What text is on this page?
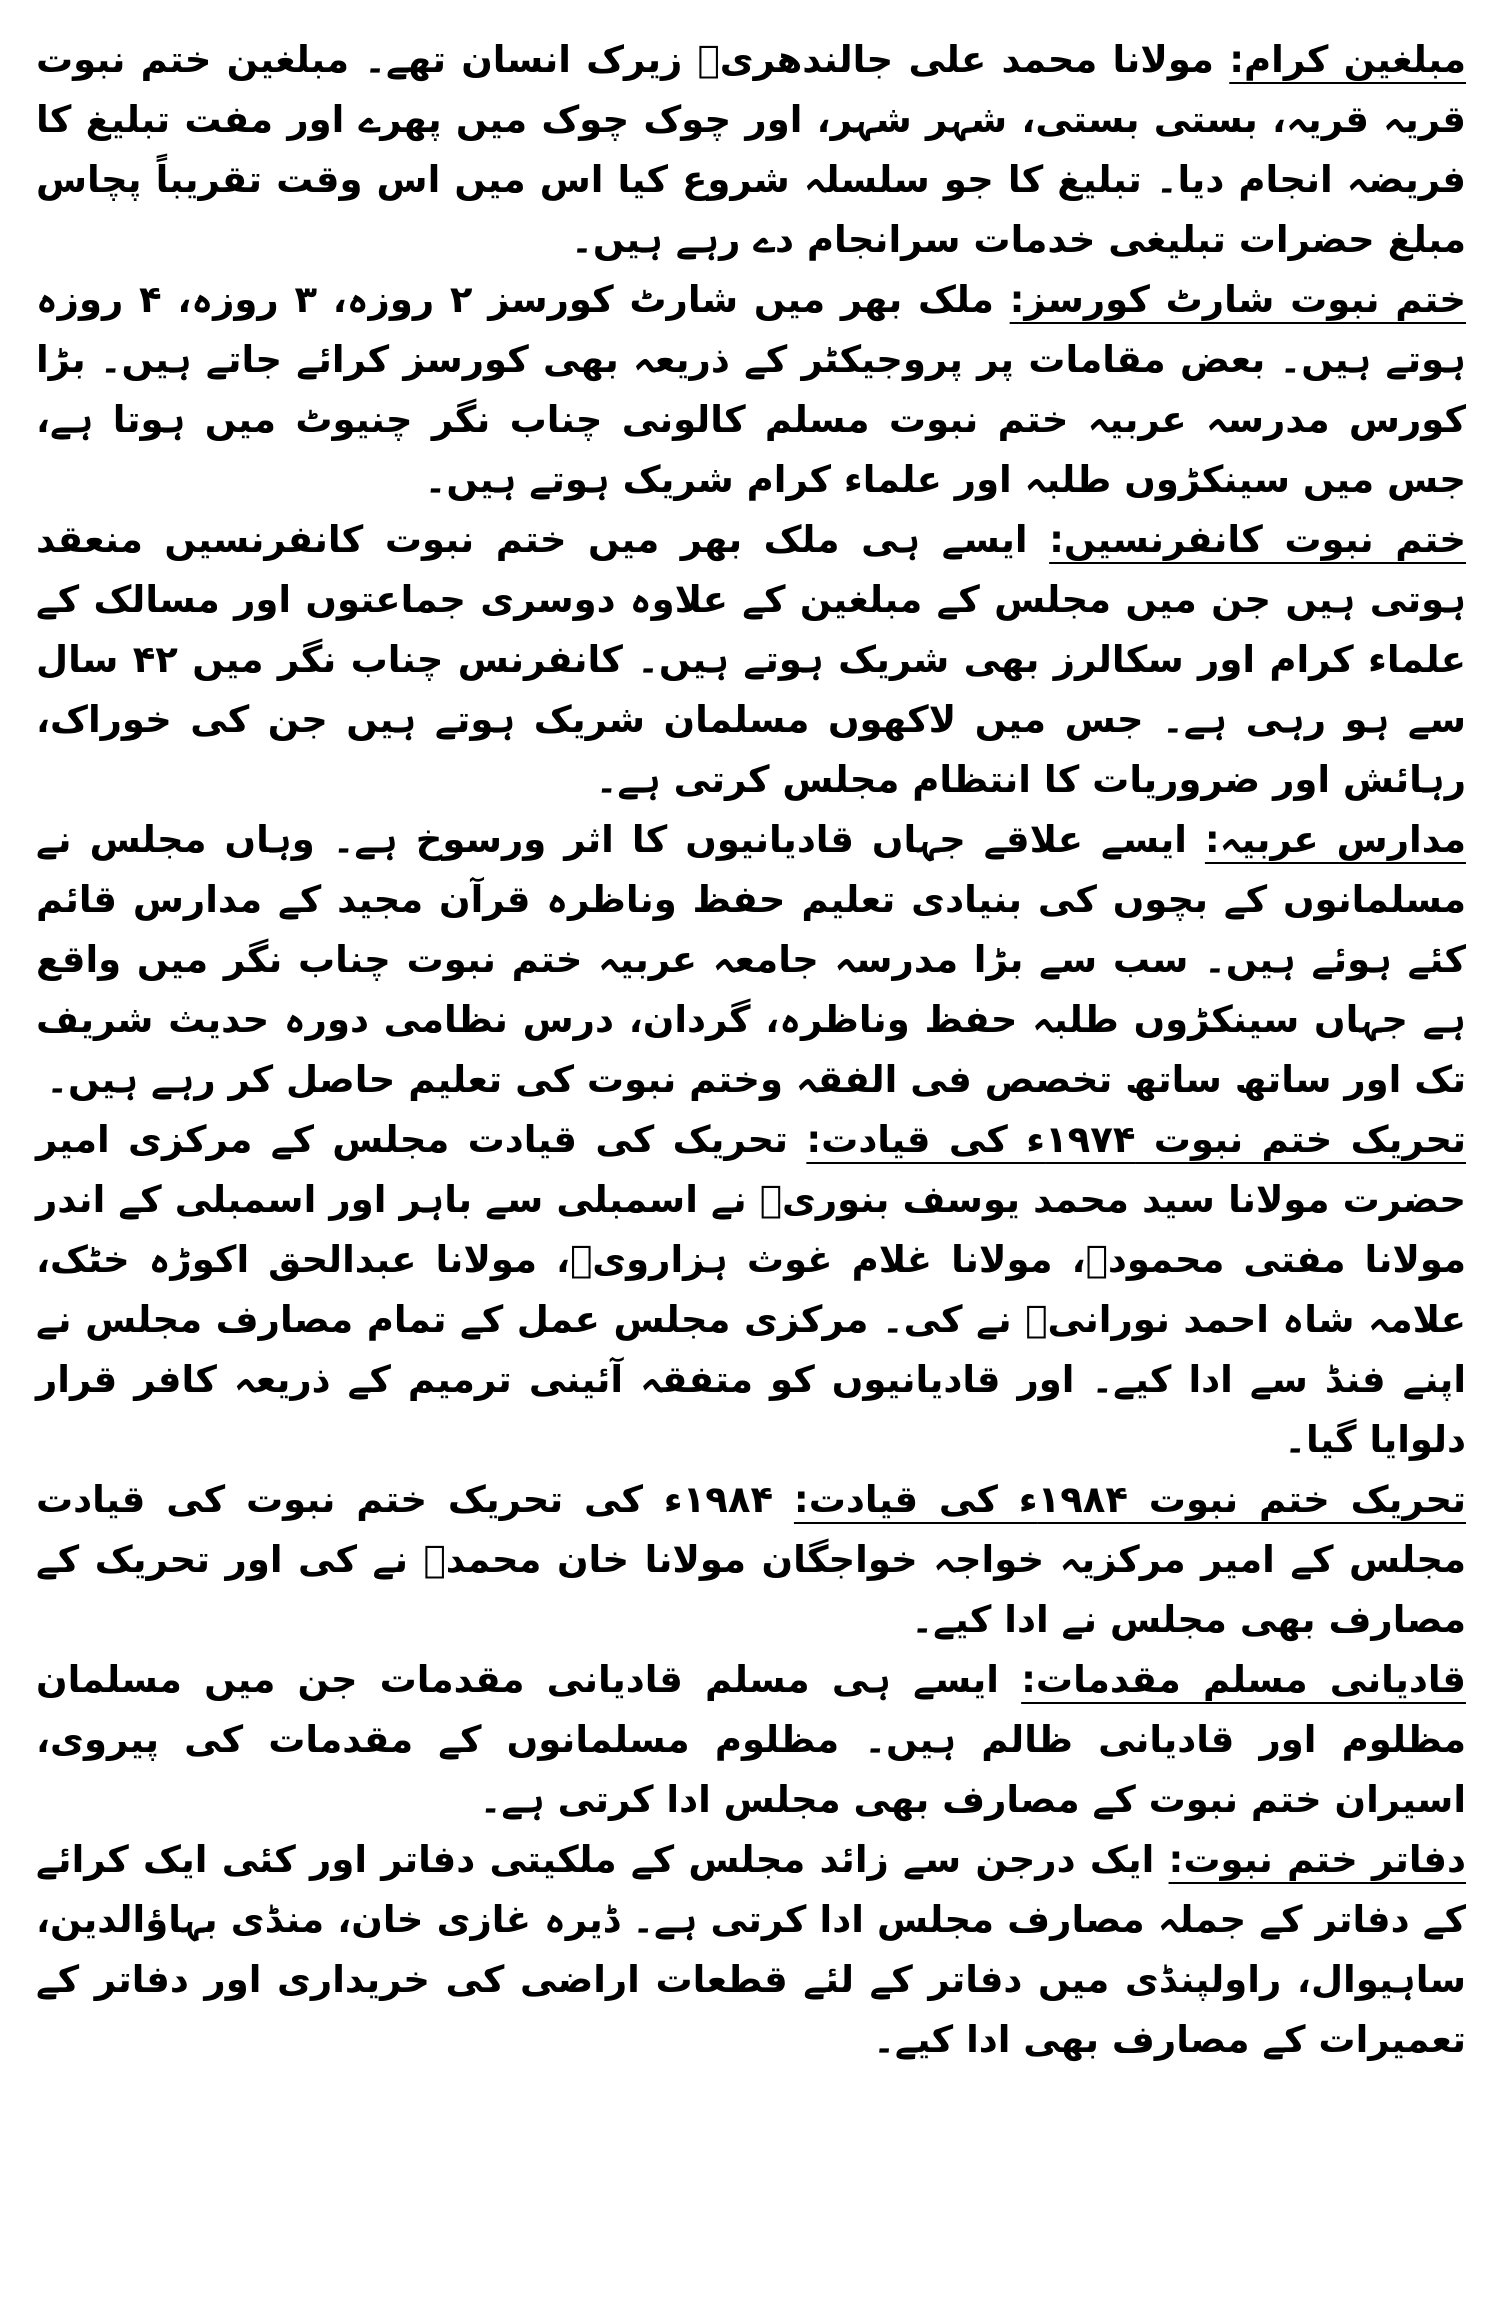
مبلغین کرام: مولانا محمد علی جالندھریؒ زیرک انسان تھے۔ مبلغین ختم نبوت قریہ قریہ، بستی بستی، شہر شہر، اور چوک چوک میں پھرے اور مفت تبلیغ کا فریضہ انجام دیا۔ تبلیغ کا جو سلسلہ شروع کیا اس میں اس وقت تقریباً پچاس مبلغ حضرات تبلیغی خدمات سرانجام دے رہے ہیں۔

ختم نبوت شارٹ کورسز: ملک بھر میں شارٹ کورسز ۲ روزہ، ۳ روزہ، ۴ روزہ ہوتے ہیں۔ بعض مقامات پر پروجیکٹر کے ذریعہ بھی کورسز کرائے جاتے ہیں۔ بڑا کورس مدرسہ عربیہ ختم نبوت مسلم کالونی چناب نگر چنیوٹ میں ہوتا ہے، جس میں سینکڑوں طلبہ اور علماء کرام شریک ہوتے ہیں۔

ختم نبوت کانفرنسیں: ایسے ہی ملک بھر میں ختم نبوت کانفرنسیں منعقد ہوتی ہیں جن میں مجلس کے مبلغین کے علاوہ دوسری جماعتوں اور مسالک کے علماء کرام اور سکالرز بھی شریک ہوتے ہیں۔ کانفرنس چناب نگر میں ۴۲ سال سے ہو رہی ہے۔ جس میں لاکھوں مسلمان شریک ہوتے ہیں جن کی خوراک، رہائش اور ضروریات کا انتظام مجلس کرتی ہے۔

مدارس عربیہ: ایسے علاقے جہاں قادیانیوں کا اثر ورسوخ ہے۔ وہاں مجلس نے مسلمانوں کے بچوں کی بنیادی تعلیم حفظ وناظرہ قرآن مجید کے مدارس قائم کئے ہوئے ہیں۔ سب سے بڑا مدرسہ جامعہ عربیہ ختم نبوت چناب نگر میں واقع ہے جہاں سینکڑوں طلبہ حفظ وناظرہ، گردان، درس نظامی دورہ حدیث شریف تک اور ساتھ ساتھ تخصص فی الفقہ وختم نبوت کی تعلیم حاصل کر رہے ہیں۔

تحریک ختم نبوت ۱۹۷۴ء کی قیادت: تحریک کی قیادت مجلس کے مرکزی امیر حضرت مولانا سید محمد یوسف بنوریؒ نے اسمبلی سے باہر اور اسمبلی کے اندر مولانا مفتی محمودؒ، مولانا غلام غوث ہزارویؒ، مولانا عبدالحق اکوڑہ خٹک، علامہ شاہ احمد نورانیؒ نے کی۔ مرکزی مجلس عمل کے تمام مصارف مجلس نے اپنے فنڈ سے ادا کیے۔ اور قادیانیوں کو متفقہ آئینی ترمیم کے ذریعہ کافر قرار دلوایا گیا۔

تحریک ختم نبوت ۱۹۸۴ء کی قیادت: ۱۹۸۴ء کی تحریک ختم نبوت کی قیادت مجلس کے امیر مرکزیہ خواجہ خواجگان مولانا خان محمدؒ نے کی اور تحریک کے مصارف بھی مجلس نے ادا کیے۔

قادیانی مسلم مقدمات: ایسے ہی مسلم قادیانی مقدمات جن میں مسلمان مظلوم اور قادیانی ظالم ہیں۔ مظلوم مسلمانوں کے مقدمات کی پیروی، اسیران ختم نبوت کے مصارف بھی مجلس ادا کرتی ہے۔

دفاتر ختم نبوت: ایک درجن سے زائد مجلس کے ملکیتی دفاتر اور کئی ایک کرائے کے دفاتر کے جملہ مصارف مجلس ادا کرتی ہے۔ ڈیرہ غازی خان، منڈی بہاؤالدین، ساہیوال، راولپنڈی میں دفاتر کے لئے قطعات اراضی کی خریداری اور دفاتر کے تعمیرات کے مصارف بھی ادا کیے۔
